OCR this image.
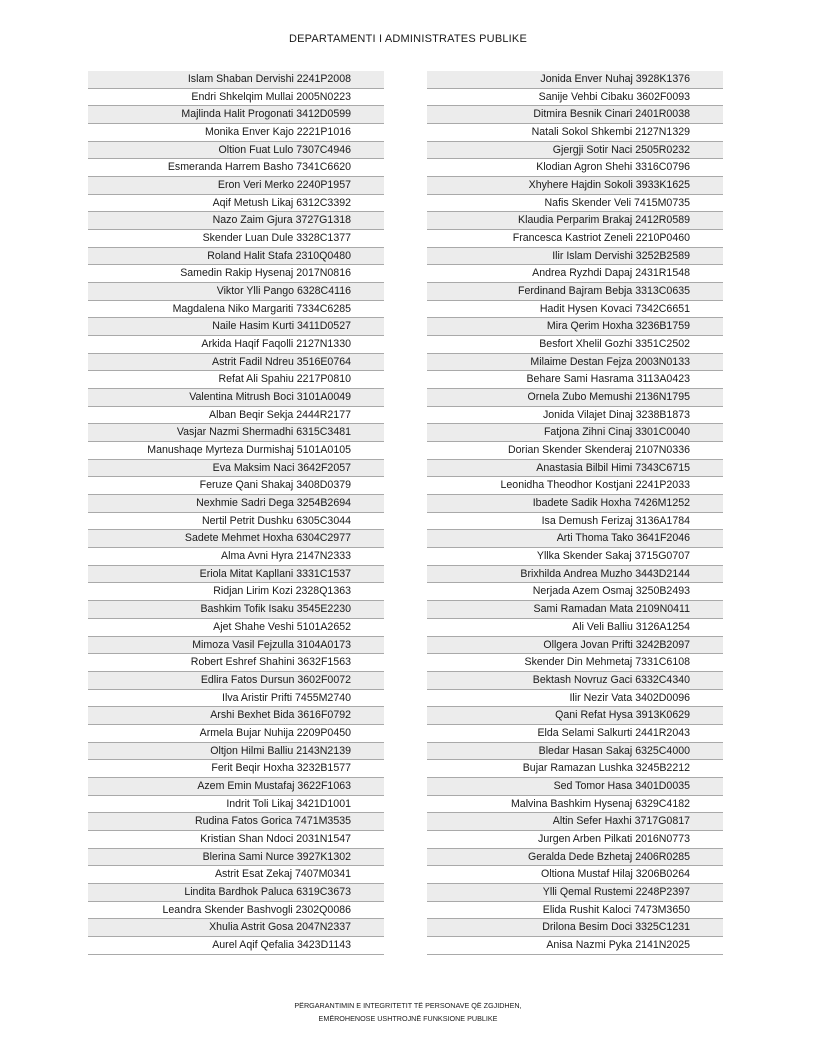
DEPARTAMENTI I ADMINISTRATES PUBLIKE
Islam Shaban Dervishi 2241P2008
Endri Shkelqim Mullai 2005N0223
Majlinda Halit Progonati 3412D0599
Monika Enver Kajo 2221P1016
Oltion Fuat Lulo 7307C4946
Esmeranda Harrem Basho 7341C6620
Eron Veri Merko 2240P1957
Aqif Metush Likaj 6312C3392
Nazo Zaim Gjura 3727G1318
Skender Luan Dule 3328C1377
Roland Halit Stafa 2310Q0480
Samedin Rakip Hysenaj 2017N0816
Viktor Ylli Pango 6328C4116
Magdalena Niko Margariti 7334C6285
Naile Hasim Kurti 3411D0527
Arkida Haqif Faqolli 2127N1330
Astrit Fadil Ndreu 3516E0764
Refat Ali Spahiu 2217P0810
Valentina Mitrush Boci 3101A0049
Alban Beqir Sekja 2444R2177
Vasjar Nazmi Shermadhi 6315C3481
Manushaqe Myrteza Durmishaj 5101A0105
Eva Maksim Naci 3642F2057
Feruze Qani Shakaj 3408D0379
Nexhmie Sadri Dega 3254B2694
Nertil Petrit Dushku 6305C3044
Sadete Mehmet Hoxha 6304C2977
Alma Avni Hyra 2147N2333
Eriola Mitat Kapllani 3331C1537
Ridjan Lirim Kozi 2328Q1363
Bashkim Tofik Isaku 3545E2230
Ajet Shahe Veshi 5101A2652
Mimoza Vasil Fejzulla 3104A0173
Robert Eshref Shahini 3632F1563
Edlira Fatos Dursun 3602F0072
Ilva Aristir Prifti 7455M2740
Arshi Bexhet Bida 3616F0792
Armela Bujar Nuhija 2209P0450
Oltjon Hilmi Balliu 2143N2139
Ferit Beqir Hoxha 3232B1577
Azem Emin Mustafaj 3622F1063
Indrit Toli Likaj 3421D1001
Rudina Fatos Gorica 7471M3535
Kristian Shan Ndoci 2031N1547
Blerina Sami Nurce 3927K1302
Astrit Esat Zekaj 7407M0341
Lindita Bardhok Paluca 6319C3673
Leandra Skender Bashvogli 2302Q0086
Xhulia Astrit Gosa 2047N2337
Aurel Aqif Qefalia 3423D1143
Jonida Enver Nuhaj 3928K1376
Sanije Vehbi Cibaku 3602F0093
Ditmira Besnik Cinari 2401R0038
Natali Sokol Shkembi 2127N1329
Gjergji Sotir Naci 2505R0232
Klodian Agron Shehi 3316C0796
Xhyhere Hajdin Sokoli 3933K1625
Nafis Skender Veli 7415M0735
Klaudia Perparim Brakaj 2412R0589
Francesca Kastriot Zeneli 2210P0460
Ilir Islam Dervishi 3252B2589
Andrea Ryzhdi Dapaj 2431R1548
Ferdinand Bajram Bebja 3313C0635
Hadit Hysen Kovaci 7342C6651
Mira Qerim Hoxha 3236B1759
Besfort Xhelil Gozhi 3351C2502
Milaime Destan Fejza 2003N0133
Behare Sami Hasrama 3113A0423
Ornela Zubo Memushi 2136N1795
Jonida Vilajet Dinaj 3238B1873
Fatjona Zihni Cinaj 3301C0040
Dorian Skender Skenderaj 2107N0336
Anastasia Bilbil Himi 7343C6715
Leonidha Theodhor Kostjani 2241P2033
Ibadete Sadik Hoxha 7426M1252
Isa Demush Ferizaj 3136A1784
Arti Thoma Tako 3641F2046
Yllka Skender Sakaj 3715G0707
Brixhilda Andrea Muzho 3443D2144
Nerjada Azem Osmaj 3250B2493
Sami Ramadan Mata 2109N0411
Ali Veli Balliu 3126A1254
Ollgera Jovan Prifti 3242B2097
Skender Din Mehmetaj 7331C6108
Bektash Novruz Gaci 6332C4340
Ilir Nezir Vata 3402D0096
Qani Refat Hysa 3913K0629
Elda Selami Salkurti 2441R2043
Bledar Hasan Sakaj 6325C4000
Bujar Ramazan Lushka 3245B2212
Sed Tomor Hasa 3401D0035
Malvina Bashkim Hysenaj 6329C4182
Altin Sefer Haxhi 3717G0817
Jurgen Arben Pilkati 2016N0773
Geralda Dede Bzhetaj 2406R0285
Oltiona Mustaf Hilaj 3206B0264
Ylli Qemal Rustemi 2248P2397
Elida Rushit Kaloci 7473M3650
Drilona Besim Doci 3325C1231
Anisa Nazmi Pyka 2141N2025
PËRGARANTIMIN E INTEGRITETIT TË PERSONAVE QË ZGJIDHEN,
EMËROHENOSE USHTROJNË FUNKSIONE PUBLIKE
